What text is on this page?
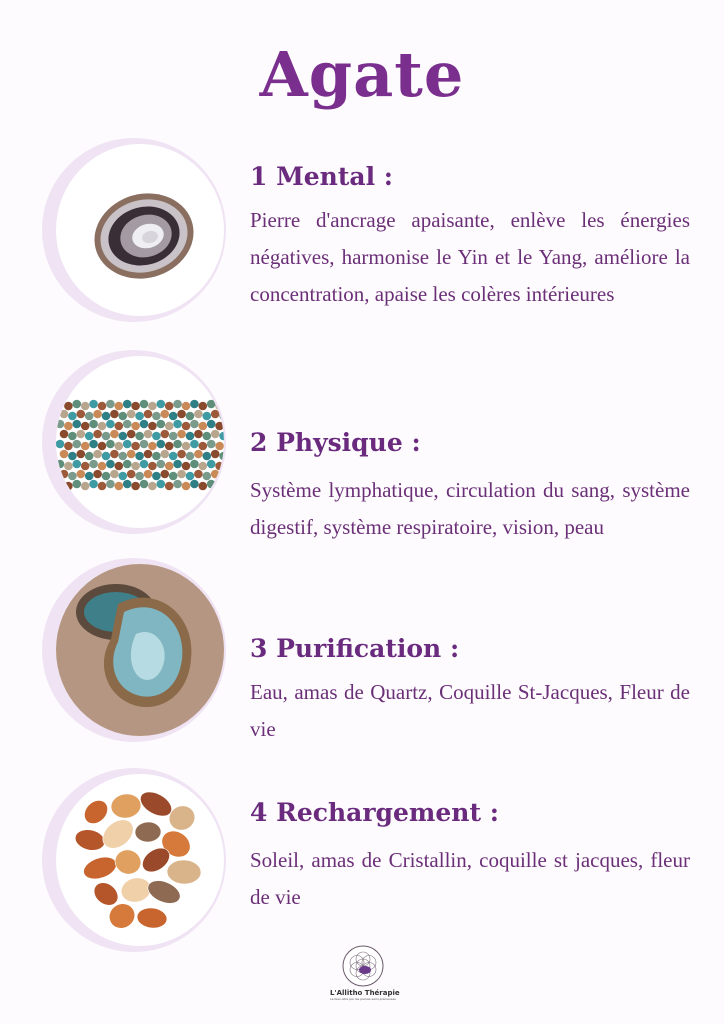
Agate
1 Mental :
Pierre d'ancrage apaisante, enlève les énergies négatives, harmonise le Yin et le Yang, améliore la concentration, apaise les colères intérieures
2 Physique :
Système lymphatique, circulation du sang, système digestif, système respiratoire, vision, peau
3 Purification :
Eau, amas de Quartz, Coquille St-Jacques, Fleur de vie
4 Rechargement :
Soleil, amas de Cristallin, coquille st jacques, fleur de vie
L'Allitho Thérapie
Le bien-être par les pierres semi-précieuses
